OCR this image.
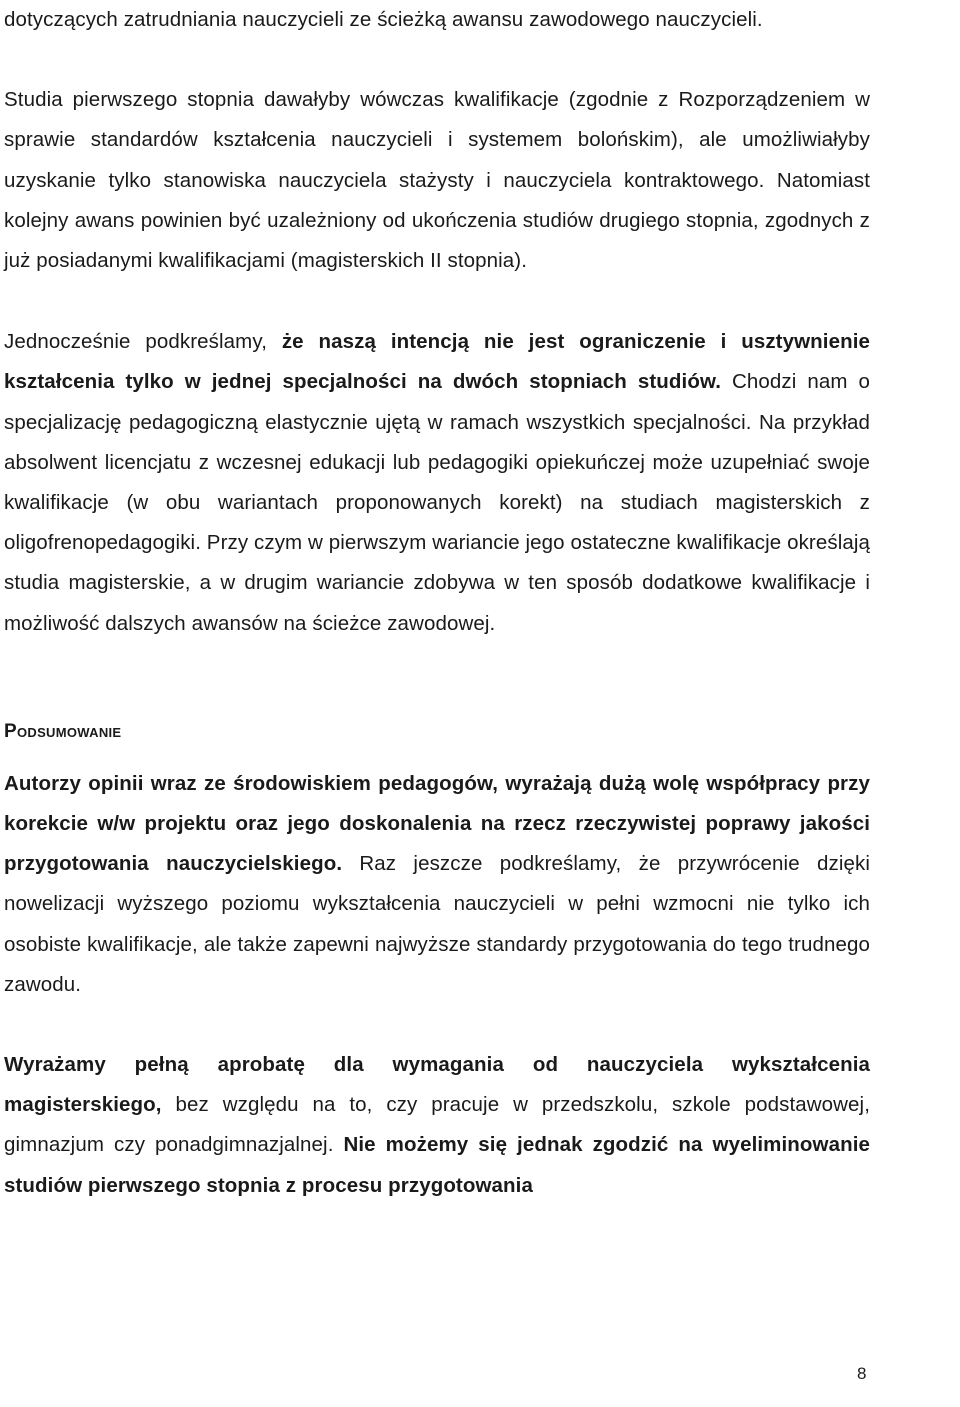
dotyczących zatrudniania nauczycieli ze ścieżką awansu zawodowego nauczycieli.

Studia pierwszego stopnia dawałyby wówczas kwalifikacje (zgodnie z Rozporządzeniem w sprawie standardów kształcenia nauczycieli i systemem bolońskim), ale umożliwiałyby uzyskanie tylko stanowiska nauczyciela stażysty i nauczyciela kontraktowego. Natomiast kolejny awans powinien być uzależniony od ukończenia studiów drugiego stopnia, zgodnych z już posiadanymi kwalifikacjami (magisterskich II stopnia).

Jednocześnie podkreślamy, że naszą intencją nie jest ograniczenie i usztywnienie kształcenia tylko w jednej specjalności na dwóch stopniach studiów. Chodzi nam o specjalizację pedagogiczną elastycznie ujętą w ramach wszystkich specjalności. Na przykład absolwent licencjatu z wczesnej edukacji lub pedagogiki opiekuńczej może uzupełniać swoje kwalifikacje (w obu wariantach proponowanych korekt) na studiach magisterskich z oligofrenopedagogiki. Przy czym w pierwszym wariancie jego ostateczne kwalifikacje określają studia magisterskie, a w drugim wariancie zdobywa w ten sposób dodatkowe kwalifikacje i możliwość dalszych awansów na ścieżce zawodowej.

Podsumowanie

Autorzy opinii wraz ze środowiskiem pedagogów, wyrażają dużą wolę współpracy przy korekcie w/w projektu oraz jego doskonalenia na rzecz rzeczywistej poprawy jakości przygotowania nauczycielskiego. Raz jeszcze podkreślamy, że przywrócenie dzięki nowelizacji wyższego poziomu wykształcenia nauczycieli w pełni wzmocni nie tylko ich osobiste kwalifikacje, ale także zapewni najwyższe standardy przygotowania do tego trudnego zawodu.

Wyrażamy pełną aprobatę dla wymagania od nauczyciela wykształcenia magisterskiego, bez względu na to, czy pracuje w przedszkolu, szkole podstawowej, gimnazjum czy ponadgimnazjalnej. Nie możemy się jednak zgodzić na wyeliminowanie studiów pierwszego stopnia z procesu przygotowania

8
